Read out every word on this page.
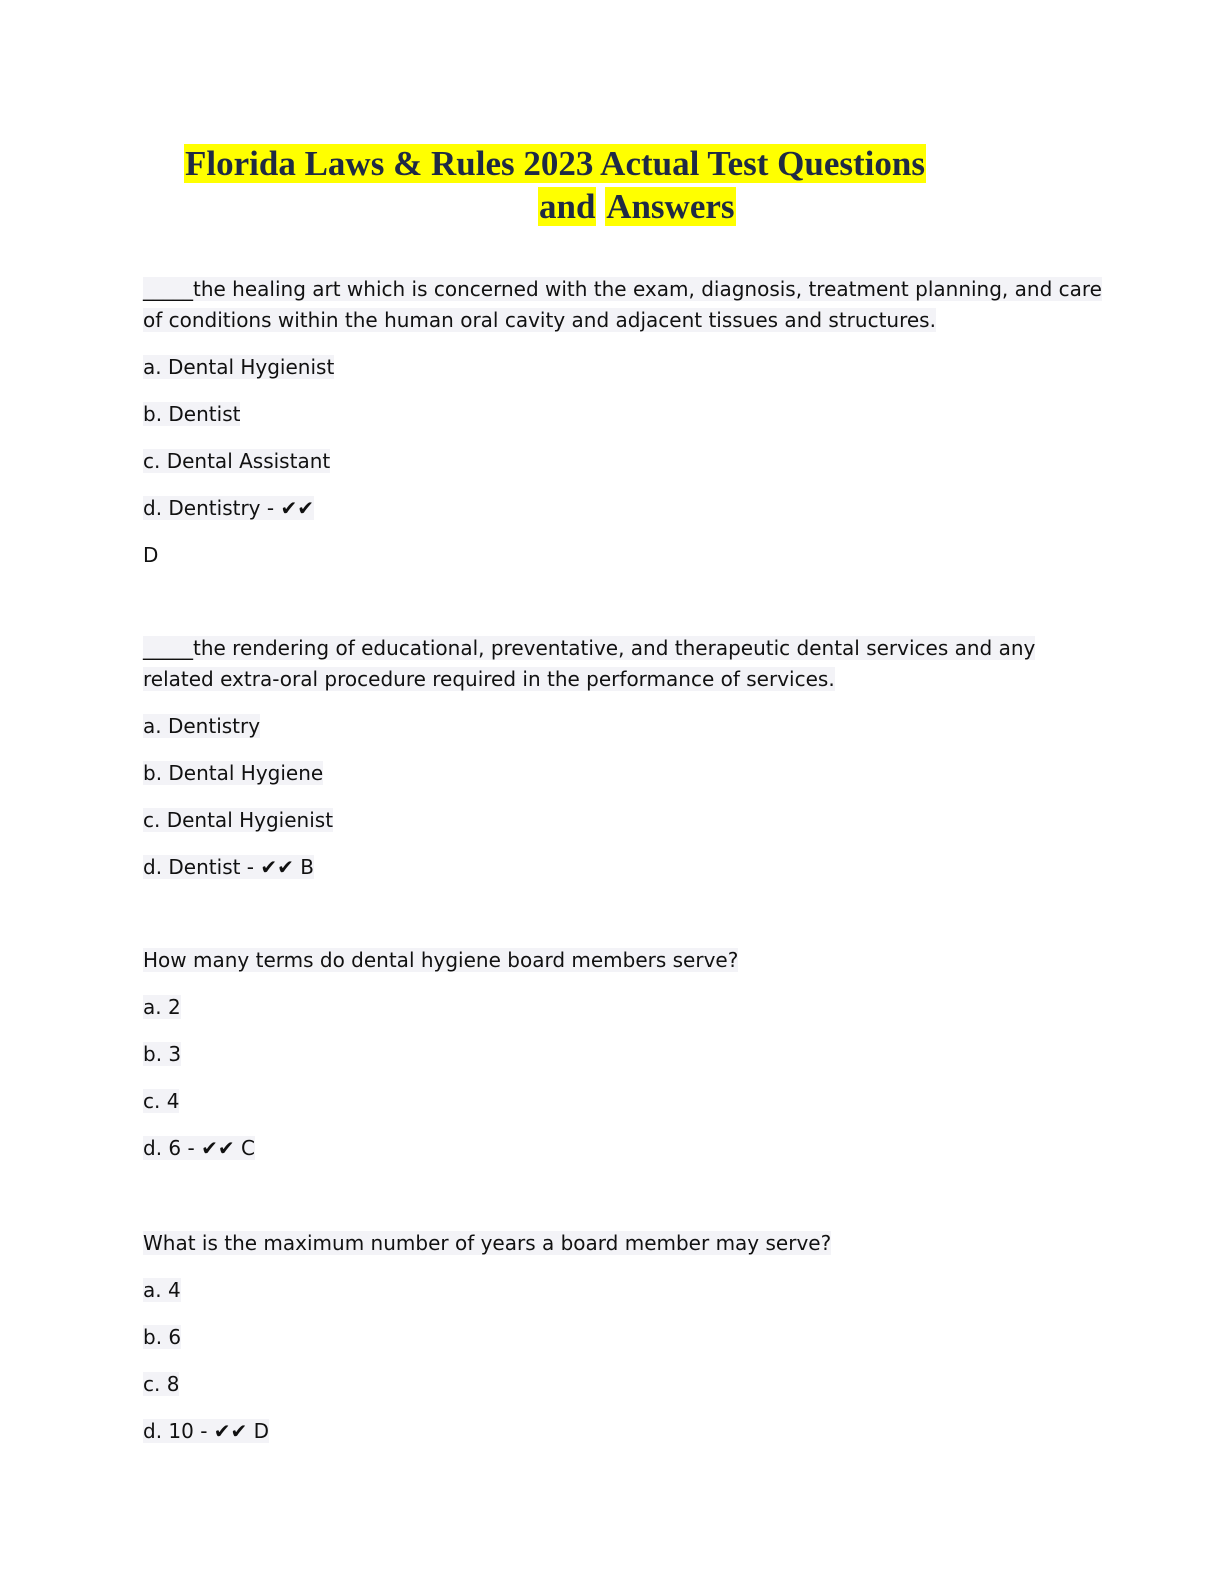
Florida Laws & Rules 2023 Actual Test Questions
and Answers
_____the healing art which is concerned with the exam, diagnosis, treatment planning, and care
of conditions within the human oral cavity and adjacent tissues and structures.
a. Dental Hygienist
b. Dentist
c. Dental Assistant
d. Dentistry - ✔✔
D
_____the rendering of educational, preventative, and therapeutic dental services and any
related extra-oral procedure required in the performance of services.
a. Dentistry
b. Dental Hygiene
c. Dental Hygienist
d. Dentist - ✔✔ B
How many terms do dental hygiene board members serve?
a. 2
b. 3
c. 4
d. 6 - ✔✔ C
What is the maximum number of years a board member may serve?
a. 4
b. 6
c. 8
d. 10 - ✔✔ D
